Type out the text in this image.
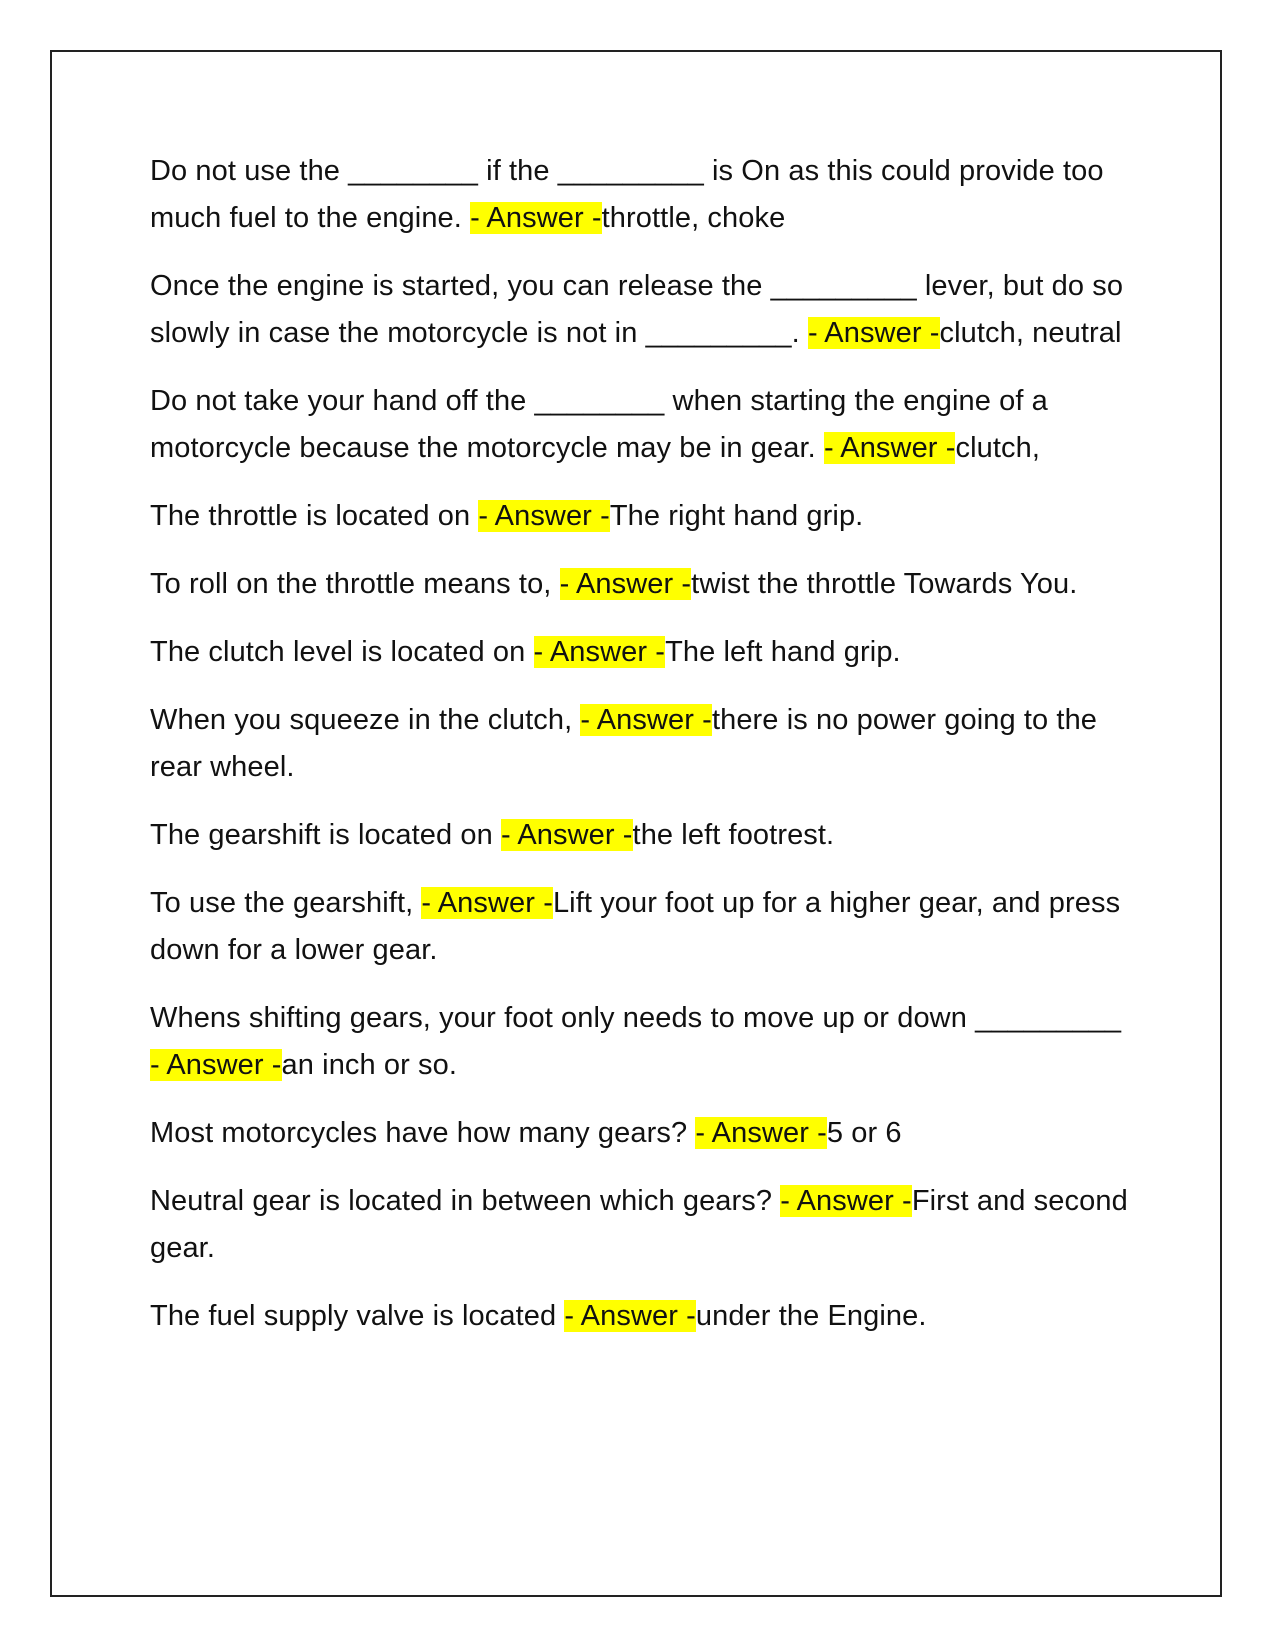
Do not use the ________ if the _________ is On as this could provide too much fuel to the engine. - Answer -throttle, choke

Once the engine is started, you can release the _________ lever, but do so slowly in case the motorcycle is not in _________. - Answer -clutch, neutral

Do not take your hand off the ________ when starting the engine of a motorcycle because the motorcycle may be in gear. - Answer -clutch,

The throttle is located on - Answer -The right hand grip.

To roll on the throttle means to, - Answer -twist the throttle Towards You.

The clutch level is located on - Answer -The left hand grip.

When you squeeze in the clutch, - Answer -there is no power going to the rear wheel.

The gearshift is located on - Answer -the left footrest.

To use the gearshift, - Answer -Lift your foot up for a higher gear, and press down for a lower gear.

Whens shifting gears, your foot only needs to move up or down _________ - Answer -an inch or so.

Most motorcycles have how many gears? - Answer -5 or 6

Neutral gear is located in between which gears? - Answer -First and second gear.

The fuel supply valve is located - Answer -under the Engine.
